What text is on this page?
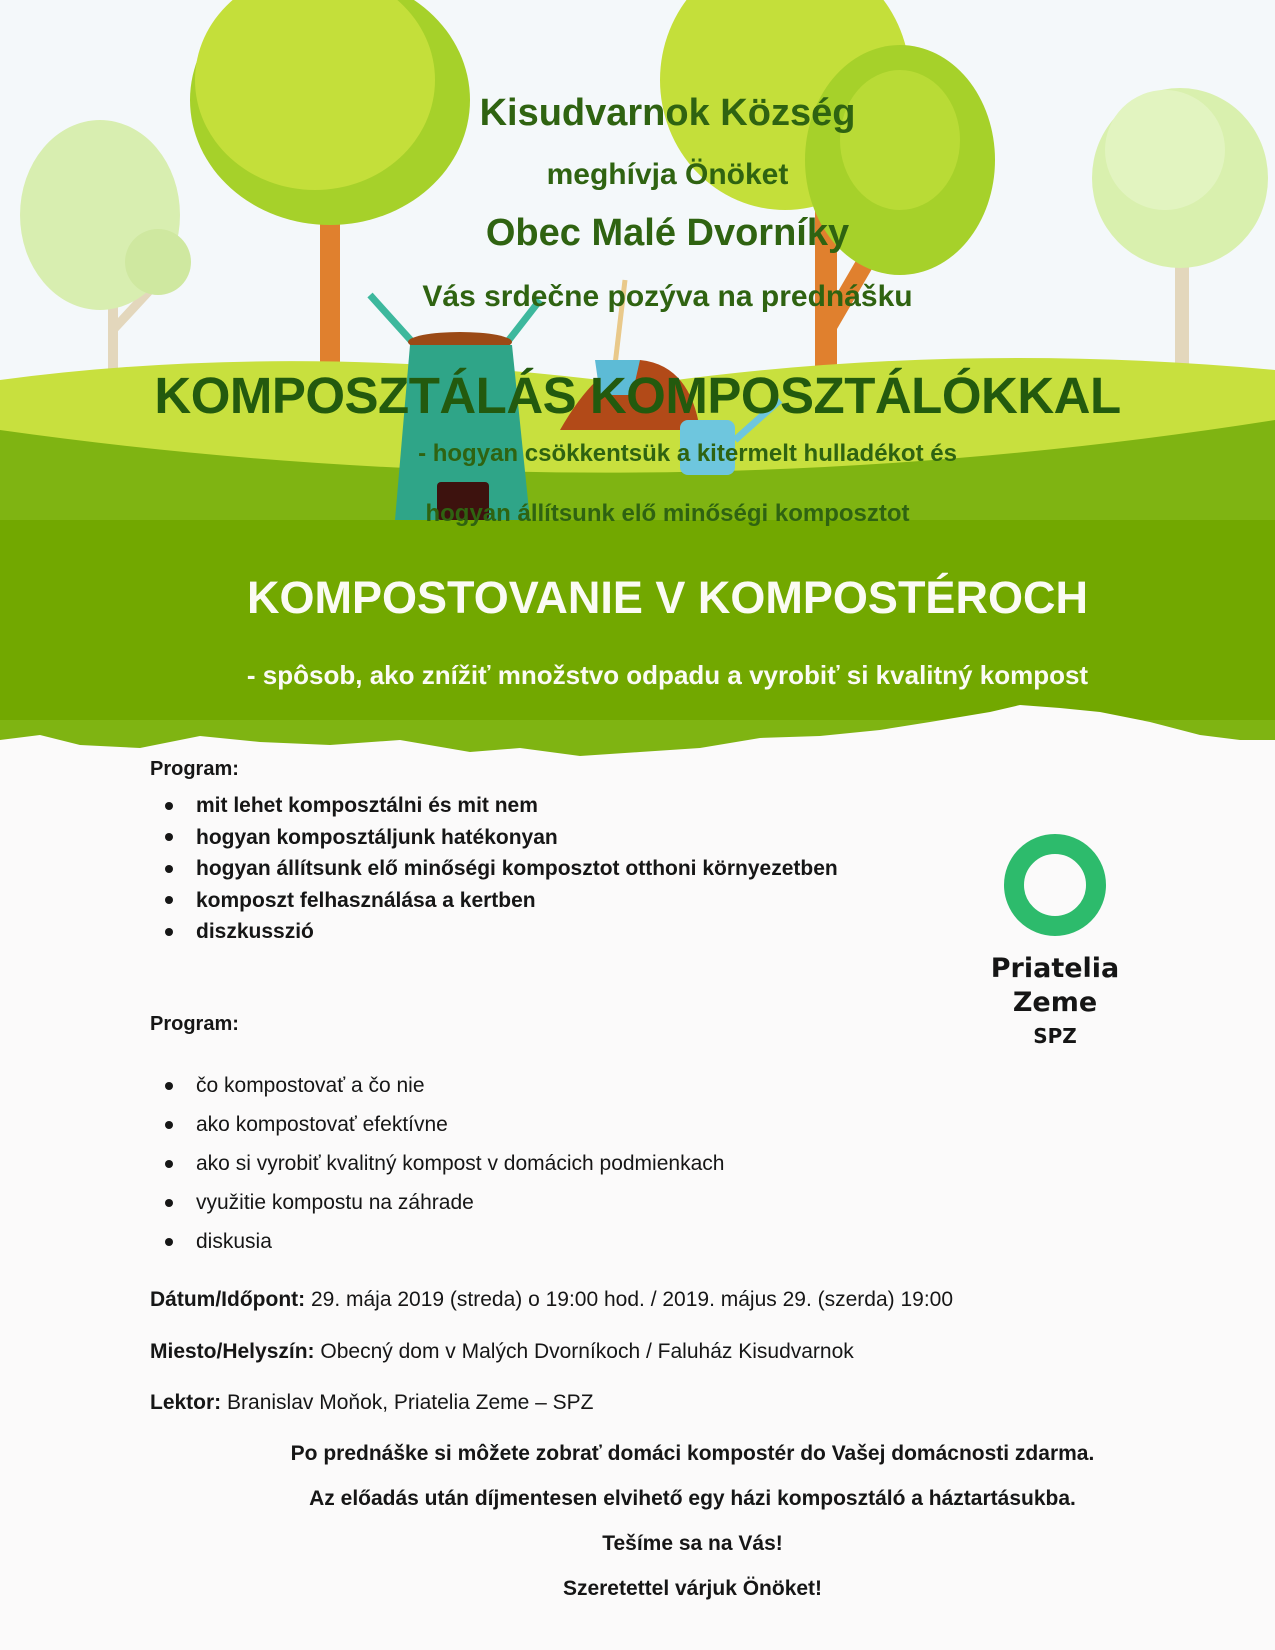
Kisudvarnok Község
meghívja Önöket
Obec Malé Dvorníky
Vás srdečne pozýva na prednášku
KOMPOSZTÁLÁS KOMPOSZTÁLÓKKAL
- hogyan csökkentsük a kitermelt hulladékot és
hogyan állítsunk elő minőségi komposztot
KOMPOSTOVANIE V KOMPOSTÉROCH
- spôsob, ako znížiť množstvo odpadu a vyrobiť si kvalitný kompost
Program:
mit lehet komposztálni és mit nem
hogyan komposztáljunk hatékonyan
hogyan állítsunk elő minőségi komposztot otthoni környezetben
komposzt felhasználása a kertben
diszkusszió
Program:
čo kompostovať a čo nie
ako kompostovať efektívne
ako si vyrobiť kvalitný kompost v domácich podmienkach
využitie kompostu na záhrade
diskusia
Priatelia
Zeme
SPZ
Dátum/Időpont: 29. mája 2019 (streda) o 19:00 hod. / 2019. május 29. (szerda) 19:00
Miesto/Helyszín: Obecný dom v Malých Dvorníkoch / Faluház Kisudvarnok
Lektor: Branislav Moňok, Priatelia Zeme – SPZ
Po prednáške si môžete zobrať domáci kompostér do Vašej domácnosti zdarma.
Az előadás után díjmentesen elvihető egy házi komposztáló a háztartásukba.
Tešíme sa na Vás!
Szeretettel várjuk Önöket!
